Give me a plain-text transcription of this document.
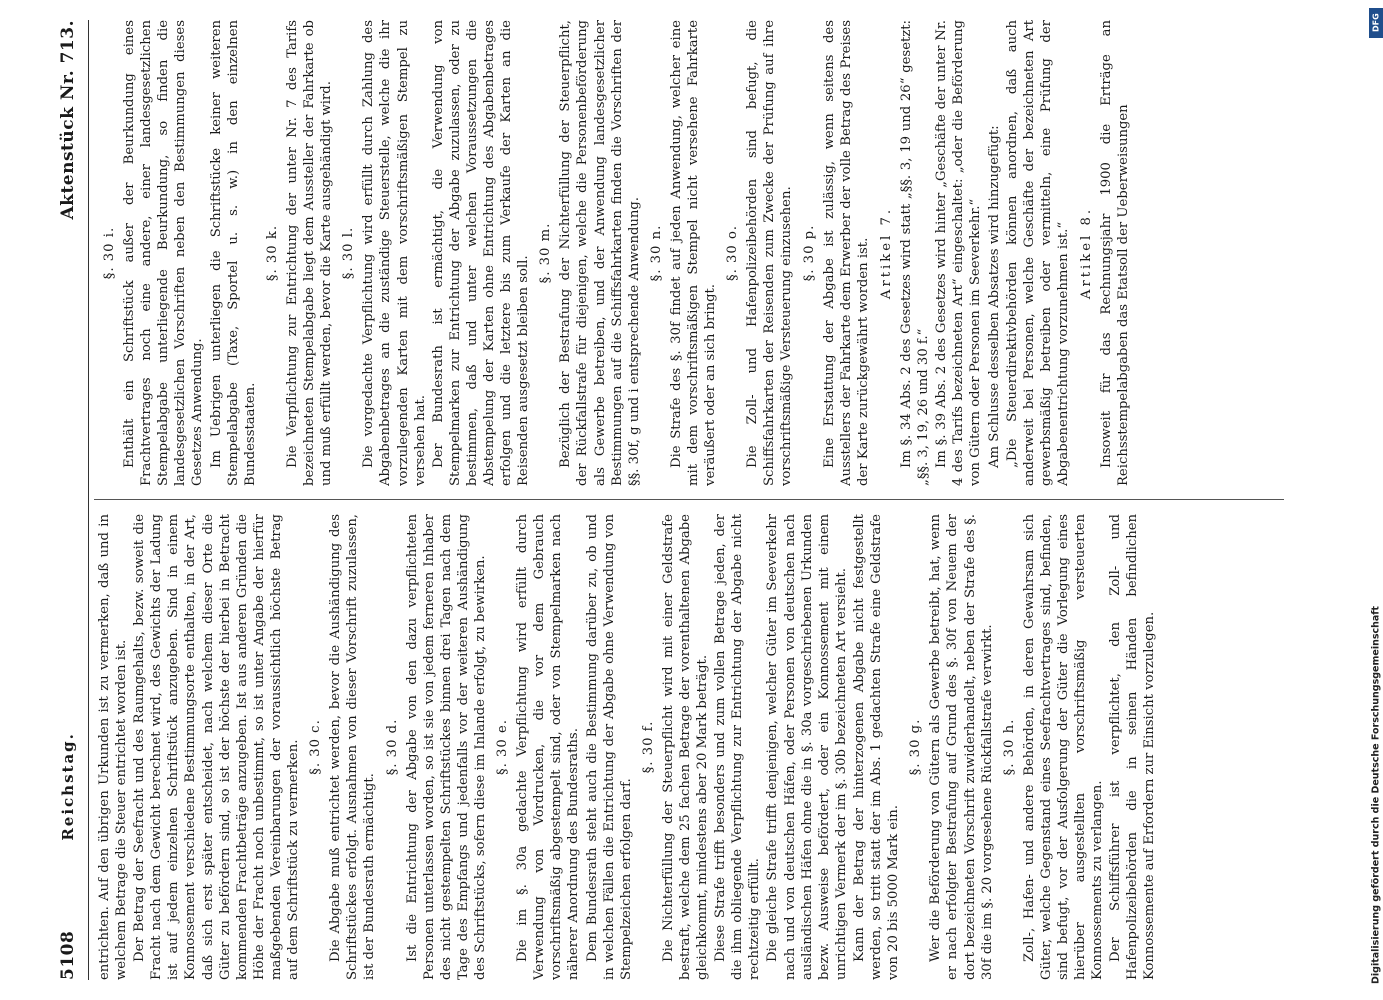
5108
Reichstag.
Aktenstück Nr. 713.

entrichten. Auf den übrigen Urkunden ist zu vermerken, daß und in welchem Betrage die Steuer entrichtet worden ist. Der Betrag der Seefracht und des Raumgehalts, bezw. soweit die Fracht nach dem Gewicht berechnet wird, des Gewichts der Ladung ist auf jedem einzelnen Schriftstück anzugeben. Sind in einem Konnossement verschiedene Bestimmungsorte enthalten, in der Art, daß sich erst später entscheidet, nach welchem dieser Orte die Güter zu befördern sind, so ist der höchste der hierbei in Betracht kommenden Frachtbeträge anzugeben. Ist aus anderen Gründen die Höhe der Fracht noch unbestimmt, so ist unter Angabe der hierfür maßgebenden Vereinbarungen der voraussichtlich höchste Betrag auf dem Schriftstück zu vermerken. §. 30 c. Die Abgabe muß entrichtet werden, bevor die Aushändigung des Schriftstückes erfolgt. Ausnahmen von dieser Vorschrift zuzulassen, ist der Bundesrath ermächtigt.

§. 30 d. Ist die Entrichtung der Abgabe von den dazu verpflichteten Personen unterlassen worden, so ist sie von jedem ferneren Inhaber des nicht gestempelten Schriftstückes binnen drei Tagen nach dem Tage des Empfangs und jedenfalls vor der weiteren Aushändigung des Schriftstücks, sofern diese im Inlande erfolgt, zu bewirken. §. 30 e. Die im §. 30a gedachte Verpflichtung wird erfüllt durch Verwendung von Vordrucken, die vor dem Gebrauch vorschriftsmäßig abgestempelt sind, oder von Stempelmarken nach näherer Anordnung des Bundesraths. Dem Bundesrath steht auch die Bestimmung darüber zu, ob und in welchen Fällen die Entrichtung der Abgabe ohne Verwendung von Stempelzeichen erfolgen darf.

§. 30 f. Die Nichterfüllung der Steuerpflicht wird mit einer Geldstrafe bestraft, welche dem 25 fachen Betrage der vorenthaltenen Abgabe gleichkommt, mindestens aber 20 Mark beträgt. Diese Strafe trifft besonders und zum vollen Betrage jeden, der die ihm obliegende Verpflichtung zur Entrichtung der Abgabe nicht rechtzeitig erfüllt. Die gleiche Strafe trifft denjenigen, welcher Güter im Seeverkehr nach und von deutschen Häfen, oder Personen von deutschen nach ausländischen Häfen ohne die in §. 30a vorgeschriebenen Urkunden bezw. Ausweise befördert, oder ein Konnossement mit einem unrichtigen Vermerk der im §. 30b bezeichneten Art versieht. Kann der Betrag der hinterzogenen Abgabe nicht festgestellt werden, so tritt statt der im Abs. 1 gedachten Strafe eine Geldstrafe von 20 bis 5000 Mark ein.

§. 30 g. Wer die Beförderung von Gütern als Gewerbe betreibt, hat, wenn er nach erfolgter Bestrafung auf Grund des §. 30f von Neuem der dort bezeichneten Vorschrift zuwiderhandelt, neben der Strafe des §. 30f die im §. 20 vorgesehene Rückfallstrafe verwirkt. §. 30 h. Zoll-, Hafen- und andere Behörden, in deren Gewahrsam sich Güter, welche Gegenstand eines Seefrachtvertrages sind, befinden, sind befugt, vor der Ausfolgerung der Güter die Vorlegung eines hierüber ausgestellten vorschriftsmäßig versteuerten Konnossements zu verlangen. Der Schiffsführer ist verpflichtet, den Zoll- und Hafenpolizeibehörden die in seinen Händen befindlichen Konnossemente auf Erfordern zur Einsicht vorzulegen.

§. 30 i. Enthält ein Schriftstück außer der Beurkundung eines Frachtvertrages noch eine andere, einer landesgesetzlichen Stempelabgabe unterliegende Beurkundung, so finden die landesgesetzlichen Vorschriften neben den Bestimmungen dieses Gesetzes Anwendung. Im Uebrigen unterliegen die Schriftstücke keiner weiteren Stempelabgabe (Taxe, Sportel u. s. w.) in den einzelnen Bundesstaaten.

§. 30 k. Die Verpflichtung zur Entrichtung der unter Nr. 7 des Tarifs bezeichneten Stempelabgabe liegt dem Aussteller der Fahrkarte ob und muß erfüllt werden, bevor die Karte ausgehändigt wird. §. 30 l. Die vorgedachte Verpflichtung wird erfüllt durch Zahlung des Abgabenbetrages an die zuständige Steuerstelle, welche die ihr vorzulegenden Karten mit dem vorschriftsmäßigen Stempel zu versehen hat. Der Bundesrath ist ermächtigt, die Verwendung von Stempelmarken zur Entrichtung der Abgabe zuzulassen, oder zu bestimmen, daß und unter welchen Voraussetzungen die Abstempelung der Karten ohne Entrichtung des Abgabenbetrages erfolgen und die letztere bis zum Verkaufe der Karten an die Reisenden ausgesetzt bleiben soll.

§. 30 m. Bezüglich der Bestrafung der Nichterfüllung der Steuerpflicht, der Rückfallstrafe für diejenigen, welche die Personenbeförderung als Gewerbe betreiben, und der Anwendung landesgesetzlicher Bestimmungen auf die Schiffsfahrkarten finden die Vorschriften der §§. 30f, g und i entsprechende Anwendung. §. 30 n. Die Strafe des §. 30f findet auf jeden Anwendung, welcher eine mit dem vorschriftsmäßigen Stempel nicht versehene Fahrkarte veräußert oder an sich bringt.

§. 30 o. Die Zoll- und Hafenpolizeibehörden sind befugt, die Schiffsfahrkarten der Reisenden zum Zwecke der Prüfung auf ihre vorschriftsmäßige Versteuerung einzusehen. §. 30 p. Eine Erstattung der Abgabe ist zulässig, wenn seitens des Ausstellers der Fahrkarte dem Erwerber der volle Betrag des Preises der Karte zurückgewährt worden ist. Artikel 7. Im §. 34 Abs. 2 des Gesetzes wird statt „§§. 3, 19 und 26“ gesetzt: „§§. 3, 19, 26 und 30 f.“ Im §. 39 Abs. 2 des Gesetzes wird hinter „Geschäfte der unter Nr. 4 des Tarifs bezeichneten Art“ eingeschaltet: „oder die Beförderung von Gütern oder Personen im Seeverkehr.“ Am Schlusse desselben Absatzes wird hinzugefügt: „Die Steuerdirektivbehörden können anordnen, daß auch anderweit bei Personen, welche Geschäfte der bezeichneten Art gewerbsmäßig betreiben oder vermitteln, eine Prüfung der Abgabenentrichtung vorzunehmen ist.“ Artikel 8. Insoweit für das Rechnungsjahr 1900 die Erträge an Reichsstempelabgaben das Etatsoll der Ueberweisungen

DFG
Digitalisierung gefördert durch die Deutsche Forschungsgemeinschaft
